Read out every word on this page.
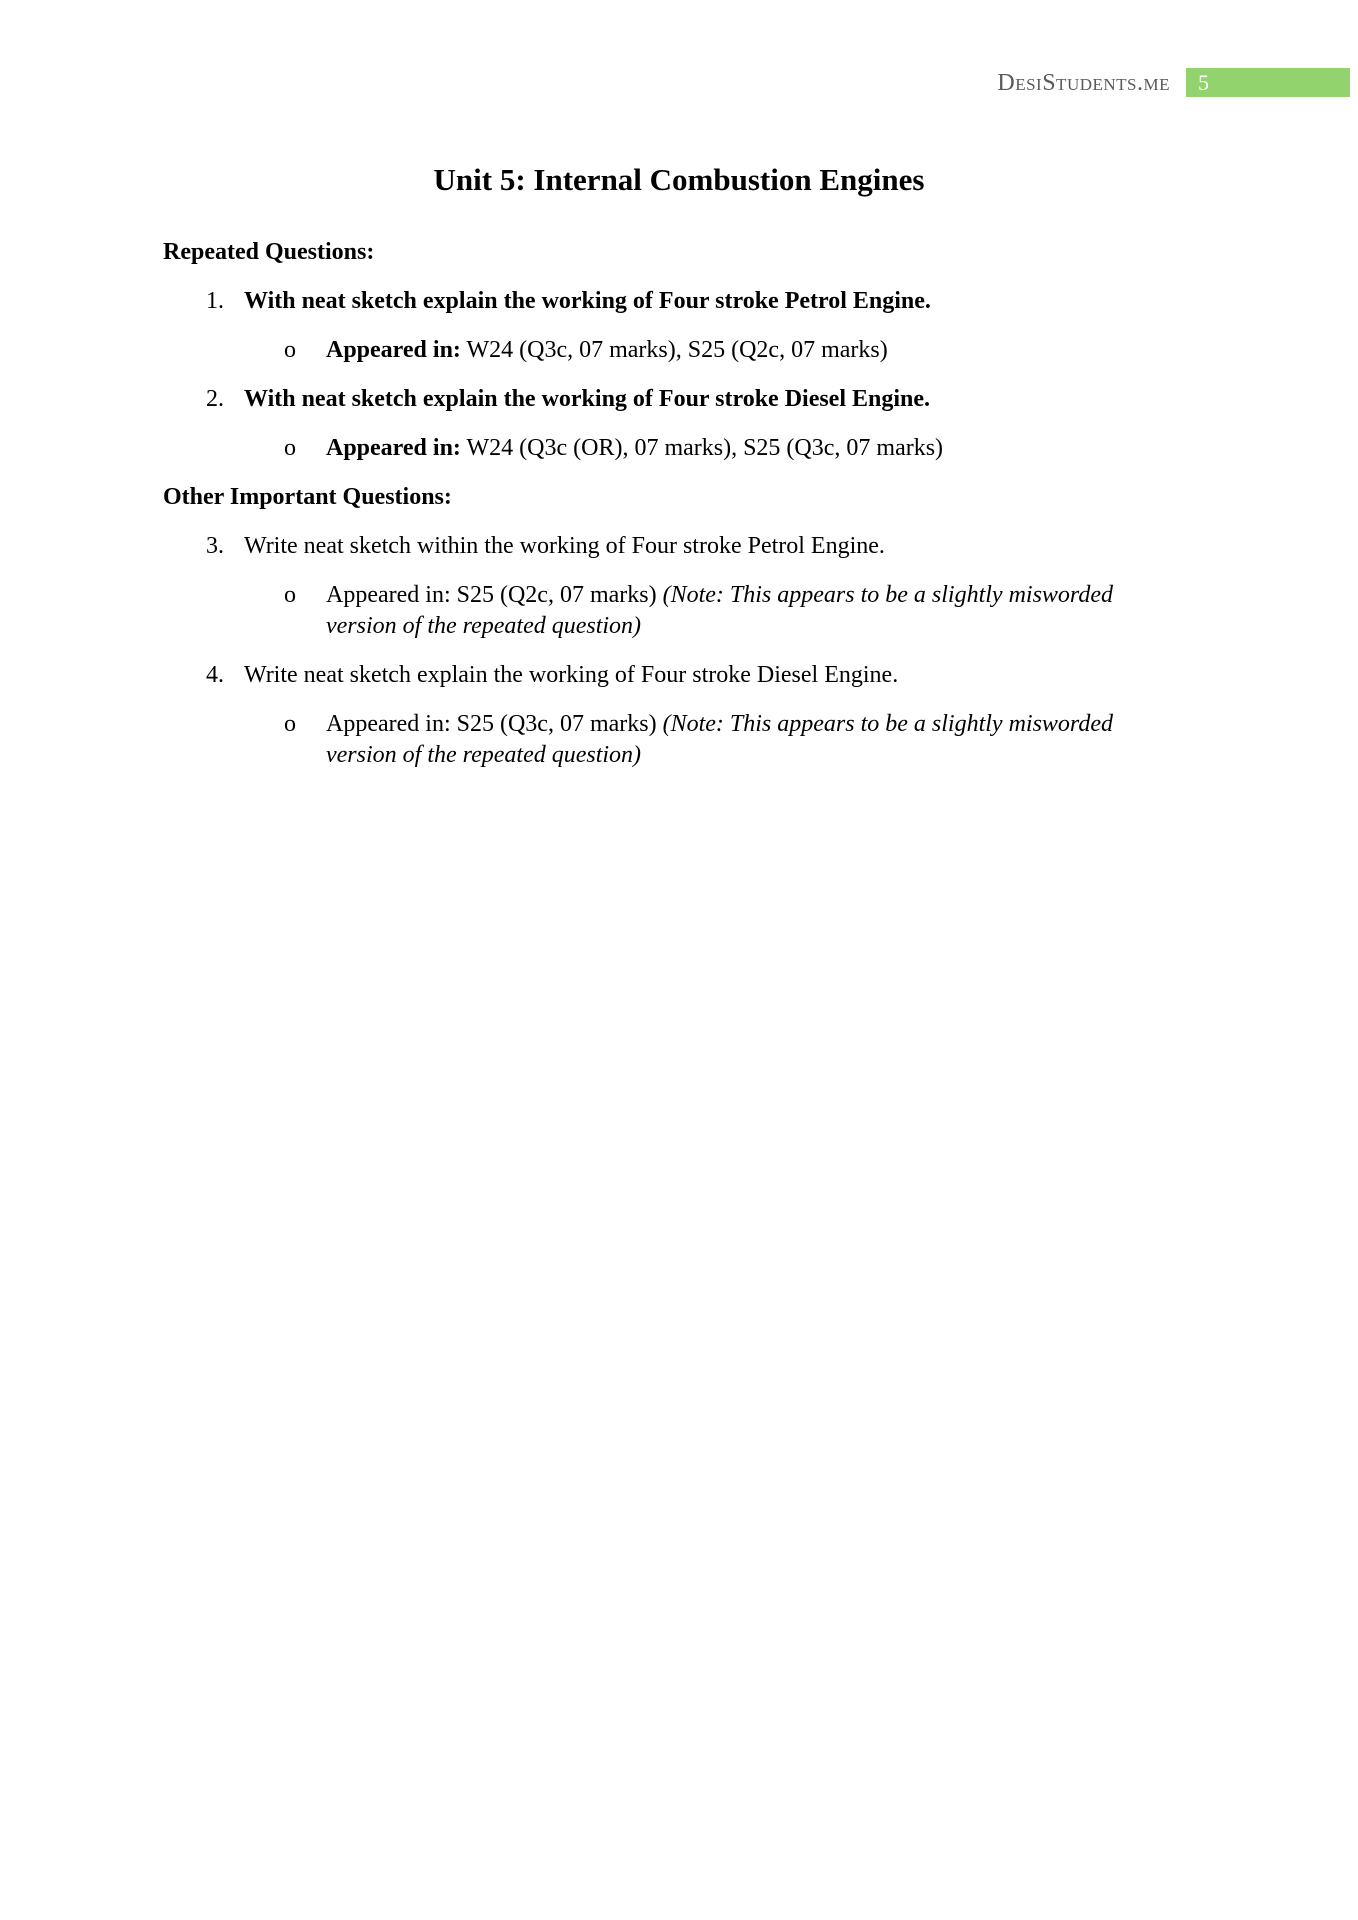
DesiStudents.me	5
Unit 5: Internal Combustion Engines
Repeated Questions:
1. With neat sketch explain the working of Four stroke Petrol Engine.
o	Appeared in: W24 (Q3c, 07 marks), S25 (Q2c, 07 marks)
2. With neat sketch explain the working of Four stroke Diesel Engine.
o	Appeared in: W24 (Q3c (OR), 07 marks), S25 (Q3c, 07 marks)
Other Important Questions:
3. Write neat sketch within the working of Four stroke Petrol Engine.
o	Appeared in: S25 (Q2c, 07 marks) (Note: This appears to be a slightly misworded version of the repeated question)
4. Write neat sketch explain the working of Four stroke Diesel Engine.
o	Appeared in: S25 (Q3c, 07 marks) (Note: This appears to be a slightly misworded version of the repeated question)
